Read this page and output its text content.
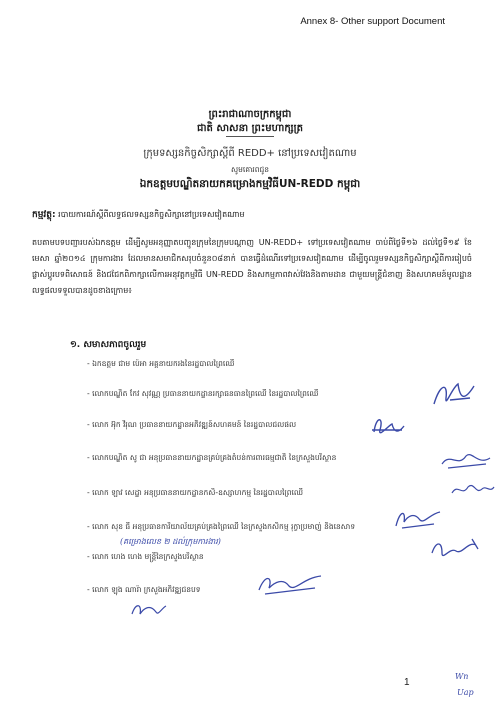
Annex 8- Other support Document
ព្រះរាជាណាចក្រកម្ពុជា
ជាតិ សាសនា ព្រះមហាក្សត្រ
ក្រុមទស្សនកិច្ចសិក្សាស្តីពី REDD+ នៅប្រទេសវៀតណាម
សូមគោរពជូន
ឯកឧត្តមបណ្ឌិតនាយកគម្រោងកម្មវិធីUN-REDD កម្ពុជា
កម្មវត្ថុ: របាយការណ៍ស្តីពីលទ្ធផលទស្សនកិច្ចសិក្សានៅប្រទេសវៀតណាម
តបតាមបទបញ្ជារបស់ឯកឧត្តម ដើម្បីសូមអនុញ្ញាតបញ្ជូនក្រុមនៃក្រុមបណ្តាញ UN-REDD+ ទៅប្រទេសវៀតណាម ចាប់ពីថ្ងៃទី១៦ ដល់ថ្ងៃទី១៩ ខែមេសា ឆ្នាំ២០១៤ ក្រុមការងារ ដែលមានសមាជិកសរុបចំនួន០៨នាក់ បានធ្វើដំណើរទៅប្រទេសវៀតណាម ដើម្បីចូលរួមទស្សនកិច្ចសិក្សាស្តីពីការរៀបចំ ផ្លាស់ប្តូរបទពិសោធន៍ និងជជែកពិភាក្សាលើការអនុវត្តកម្មវិធី UN-REDD និងសកម្មភាពវាស់វែងនិងតាមដាន ជាមួយមន្ត្រីជំនាញ និងសហគមន៍មូលដ្ឋាន លទ្ធផលទទួលបានដូចខាងក្រោម៖
១. សមាសភាពចូលរួម
- ឯកឧត្តម ជាម ប៉េអា អគ្គនាយករងនៃរដ្ឋបាលព្រៃឈើ
- លោកបណ្ឌិត កែវ សុវណ្ណ ប្រធាននាយកដ្ឋានរក្សាធនធានព្រៃឈើ នៃរដ្ឋបាលព្រៃឈើ
- លោក អ៊ុក វិរុណ ប្រធាននាយកដ្ឋានអភិវឌ្ឍន៍សហគមន៍ នៃរដ្ឋបាលជលផល
- លោកបណ្ឌិត សូ ជា អនុប្រធាននាយកដ្ឋានគ្រប់គ្រងតំបន់ការពារធម្មជាតិ នៃក្រសួងបរិស្ថាន
- លោក ឡាវ សេដ្ឋា អនុប្រធាននាយកដ្ឋានកសិ-ឧស្សាហកម្ម នៃរដ្ឋបាលព្រៃឈើ
- លោក សុខ ធី អនុប្រធានការិយាល័យគ្រប់គ្រងព្រៃឈើ នៃក្រសួងកសិកម្ម រុក្ខាប្រមាញ់ និងនេសាទ
- លោក ហេង ហេង មន្ត្រីនៃក្រសួងបរិស្ថាន
- លោក ឡុង ណារ៉ា ក្រសួងអភិវឌ្ឍជនបទ
(គម្រោងលេខ ២ ដល់ក្រុមការងារ)
1
Wn
Uap
